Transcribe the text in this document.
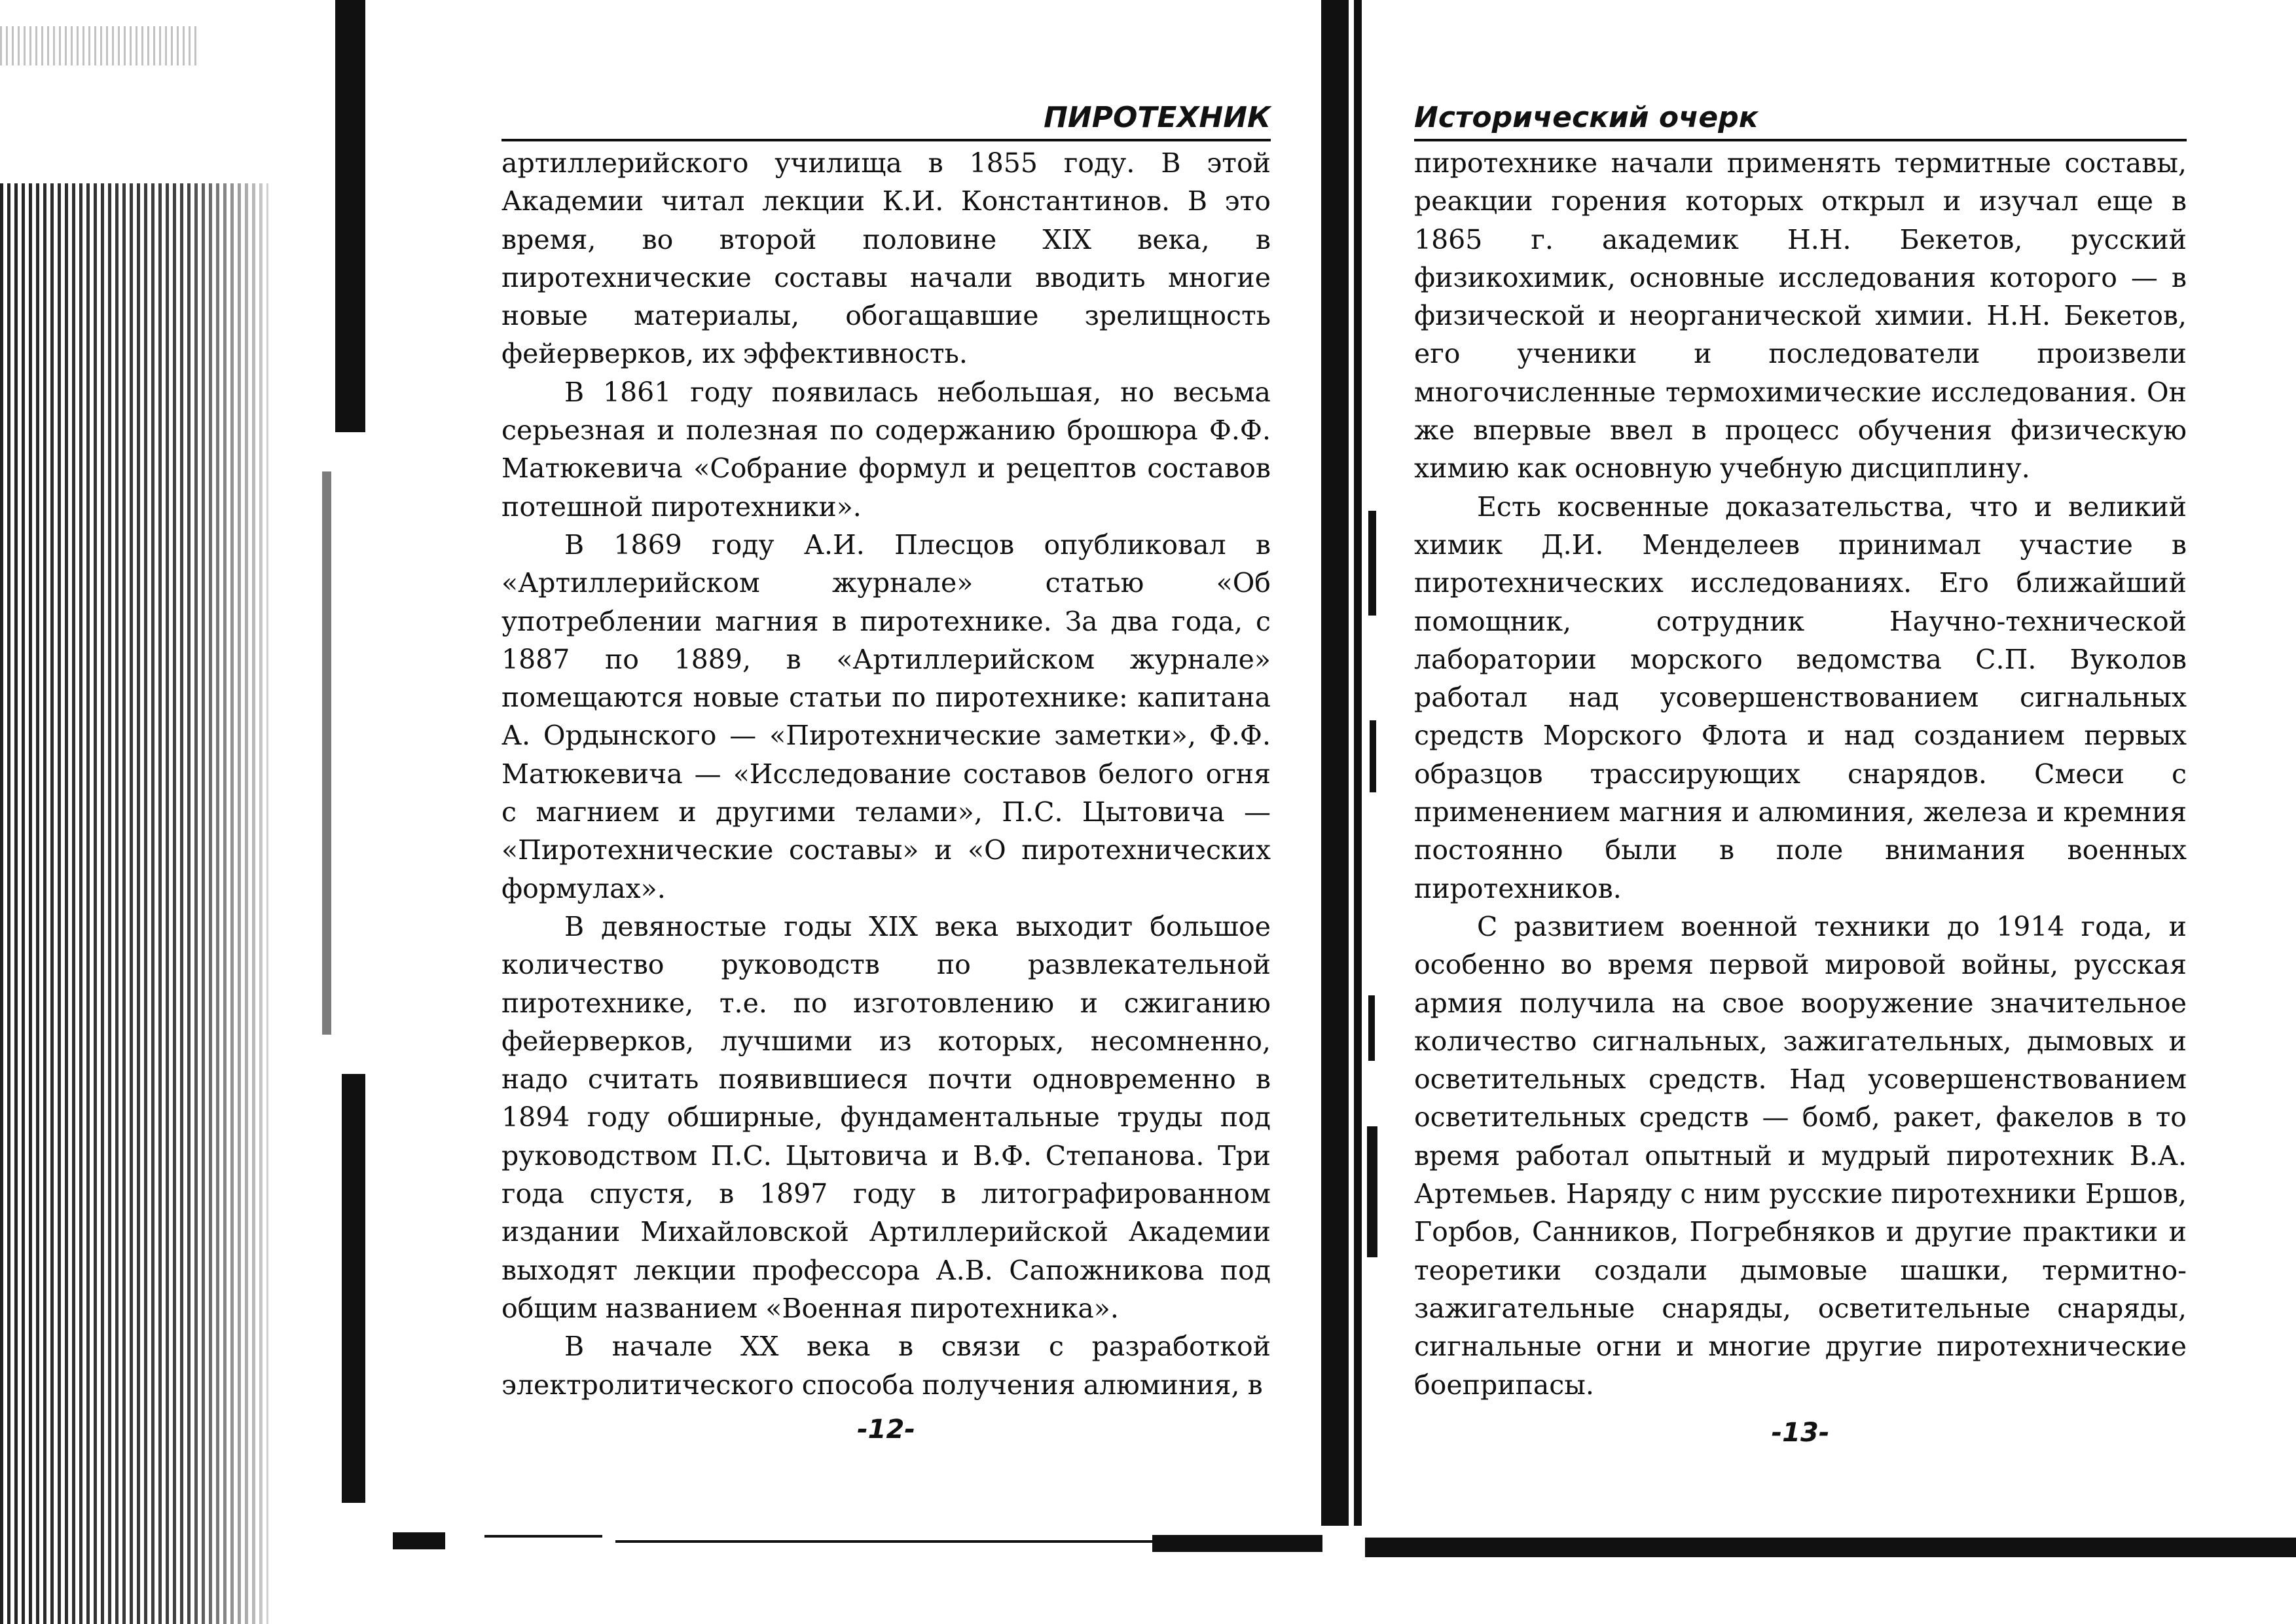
ПИРОТЕХНИК

артиллерийского училища в 1855 году. В этой Академии читал лекции К.И. Константинов. В это время, во второй половине XIX века, в пиротехнические составы начали вводить многие новые материалы, обогащавшие зрелищность фейерверков, их эффективность.

В 1861 году появилась небольшая, но весьма серьезная и полезная по содержанию брошюра Ф.Ф. Матюкевича «Собрание формул и рецептов составов потешной пиротехники».

В 1869 году А.И. Плесцов опубликовал в «Артиллерийском журнале» статью «Об употреблении магния в пиротехнике. За два года, с 1887 по 1889, в «Артиллерийском журнале» помещаются новые статьи по пиротехнике: капитана А. Ордынского — «Пиротехнические заметки», Ф.Ф. Матюкевича — «Исследование составов белого огня с магнием и другими телами», П.С. Цытовича — «Пиротехнические составы» и «О пиротехнических формулах».

В девяностые годы XIX века выходит большое количество руководств по развлекательной пиротехнике, т.е. по изготовлению и сжиганию фейерверков, лучшими из которых, несомненно, надо считать появившиеся почти одновременно в 1894 году обширные, фундаментальные труды под руководством П.С. Цытовича и В.Ф. Степанова. Три года спустя, в 1897 году в литографированном издании Михайловской Артиллерийской Академии выходят лекции профессора А.В. Сапожникова под общим названием «Военная пиротехника».

В начале XX века в связи с разработкой электролитического способа получения алюминия, в

-12-
Исторический очерк

пиротехнике начали применять термитные составы, реакции горения которых открыл и изучал еще в 1865 г. академик Н.Н. Бекетов, русский физикохимик, основные исследования которого — в физической и неорганической химии. Н.Н. Бекетов, его ученики и последователи произвели многочисленные термохимические исследования. Он же впервые ввел в процесс обучения физическую химию как основную учебную дисциплину.

Есть косвенные доказательства, что и великий химик Д.И. Менделеев принимал участие в пиротехнических исследованиях. Его ближайший помощник, сотрудник Научно-технической лаборатории морского ведомства С.П. Вуколов работал над усовершенствованием сигнальных средств Морского Флота и над созданием первых образцов трассирующих снарядов. Смеси с применением магния и алюминия, железа и кремния постоянно были в поле внимания военных пиротехников.

С развитием военной техники до 1914 года, и особенно во время первой мировой войны, русская армия получила на свое вооружение значительное количество сигнальных, зажигательных, дымовых и осветительных средств. Над усовершенствованием осветительных средств — бомб, ракет, факелов в то время работал опытный и мудрый пиротехник В.А. Артемьев. Наряду с ним русские пиротехники Ершов, Горбов, Санников, Погребняков и другие практики и теоретики создали дымовые шашки, термитно-зажигательные снаряды, осветительные снаряды, сигнальные огни и многие другие пиротехнические боеприпасы.

-13-
